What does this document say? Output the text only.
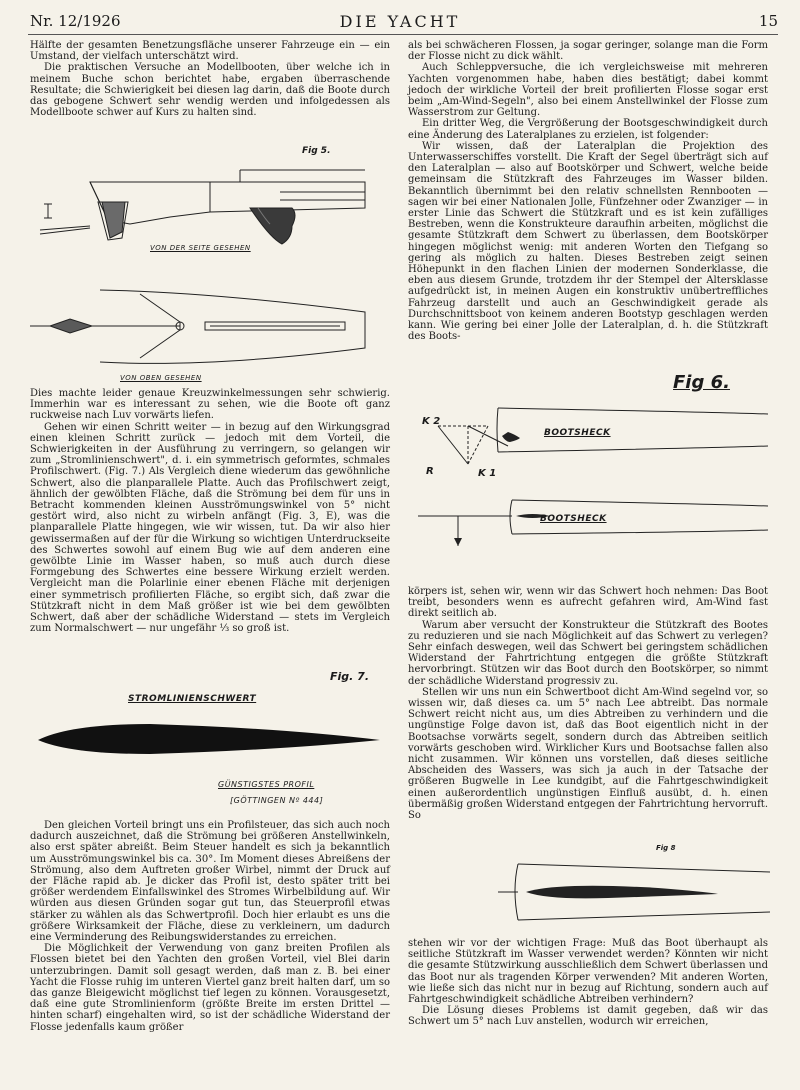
Nr. 12/1926	DIE YACHT	15

Hälfte der gesamten Benetzungsfläche unserer Fahrzeuge ein — ein Umstand, der vielfach unterschätzt wird.

Die praktischen Versuche an Modellbooten, über welche ich in meinem Buche schon berichtet habe, ergaben überraschende Resultate; die Schwierigkeit bei diesen lag darin, daß die Boote durch das gebogene Schwert sehr wendig werden und infolgedessen als Modellboote schwer auf Kurs zu halten sind.

Fig 5.
VON DER SEITE GESEHEN
VON OBEN GESEHEN

Dies machte leider genaue Kreuzwinkelmessungen sehr schwierig. Immerhin war es interessant zu sehen, wie die Boote oft ganz ruckweise nach Luv vorwärts liefen.

Gehen wir einen Schritt weiter — in bezug auf den Wirkungsgrad einen kleinen Schritt zurück — jedoch mit dem Vorteil, die Schwierigkeiten in der Ausführung zu verringern, so gelangen wir zum „Stromlinienschwert", d. i. ein symmetrisch geformtes, schmales Profilschwert. (Fig. 7.) Als Vergleich diene wiederum das gewöhnliche Schwert, also die planparallele Platte. Auch das Profilschwert zeigt, ähnlich der gewölbten Fläche, daß die Strömung bei dem für uns in Betracht kommenden kleinen Ausströmungswinkel von 5° nicht gestört wird, also nicht zu wirbeln anfängt (Fig. 3, E), was die planparallele Platte hingegen, wie wir wissen, tut. Da wir also hier gewissermaßen auf der für die Wirkung so wichtigen Unterdruckseite des Schwertes sowohl auf einem Bug wie auf dem anderen eine gewölbte Linie im Wasser haben, so muß auch durch diese Formgebung des Schwertes eine bessere Wirkung erzielt werden. Vergleicht man die Polarlinie einer ebenen Fläche mit derjenigen einer symmetrisch profilierten Fläche, so ergibt sich, daß zwar die Stützkraft nicht in dem Maß größer ist wie bei dem gewölbten Schwert, daß aber der schädliche Widerstand — stets im Vergleich zum Normalschwert — nur ungefähr ⅓ so groß ist.

Fig. 7.
STROMLINIENSCHWERT
GÜNSTIGSTES PROFIL
[GÖTTINGEN Nº 444]

Den gleichen Vorteil bringt uns ein Profilsteuer, das sich auch noch dadurch auszeichnet, daß die Strömung bei größeren Anstellwinkeln, also erst später abreißt. Beim Steuer handelt es sich ja bekanntlich um Ausströmungswinkel bis ca. 30°. Im Moment dieses Abreißens der Strömung, also dem Auftreten großer Wirbel, nimmt der Druck auf der Fläche rapid ab. Je dicker das Profil ist, desto später tritt bei größer werdendem Einfallswinkel des Stromes Wirbelbildung auf. Wir würden aus diesen Gründen sogar gut tun, das Steuerprofil etwas stärker zu wählen als das Schwertprofil. Doch hier erlaubt es uns die größere Wirksamkeit der Fläche, diese zu verkleinern, um dadurch eine Verminderung des Reibungswiderstandes zu erreichen.

Die Möglichkeit der Verwendung von ganz breiten Profilen als Flossen bietet bei den Yachten den großen Vorteil, viel Blei darin unterzubringen. Damit soll gesagt werden, daß man z. B. bei einer Yacht die Flosse ruhig im unteren Viertel ganz breit halten darf, um so das ganze Bleigewicht möglichst tief legen zu können. Vorausgesetzt, daß eine gute Stromlinienform (größte Breite im ersten Drittel — hinten scharf) eingehalten wird, so ist der schädliche Widerstand der Flosse jedenfalls kaum größer

als bei schwächeren Flossen, ja sogar geringer, solange man die Form der Flosse nicht zu dick wählt.

Auch Schleppversuche, die ich vergleichsweise mit mehreren Yachten vorgenommen habe, haben dies bestätigt; dabei kommt jedoch der wirkliche Vorteil der breit profilierten Flosse sogar erst beim „Am-Wind-Segeln", also bei einem Anstellwinkel der Flosse zum Wasserstrom zur Geltung.

Ein dritter Weg, die Vergrößerung der Bootsgeschwindigkeit durch eine Änderung des Lateralplanes zu erzielen, ist folgender:

Wir wissen, daß der Lateralplan die Projektion des Unterwasserschiffes vorstellt. Die Kraft der Segel überträgt sich auf den Lateralplan — also auf Bootskörper und Schwert, welche beide gemeinsam die Stützkraft des Fahrzeuges im Wasser bilden. Bekanntlich übernimmt bei den relativ schnellsten Rennbooten — sagen wir bei einer Nationalen Jolle, Fünfzehner oder Zwanziger — in erster Linie das Schwert die Stützkraft und es ist kein zufälliges Bestreben, wenn die Konstrukteure daraufhin arbeiten, möglichst die gesamte Stützkraft dem Schwert zu überlassen, dem Bootskörper hingegen möglichst wenig: mit anderen Worten den Tiefgang so gering als möglich zu halten. Dieses Bestreben zeigt seinen Höhepunkt in den flachen Linien der modernen Sonderklasse, die eben aus diesem Grunde, trotzdem ihr der Stempel der Altersklasse aufgedrückt ist, in meinen Augen ein konstruktiv unübertreffliches Fahrzeug darstellt und auch an Geschwindigkeit gerade als Durchschnittsboot von keinem anderen Bootstyp geschlagen werden kann. Wie gering bei einer Jolle der Lateralplan, d. h. die Stützkraft des Boots-

Fig 6.
K 2
R	K 1
BOOTSHECK
BOOTSHECK

körpers ist, sehen wir, wenn wir das Schwert hoch nehmen: Das Boot treibt, besonders wenn es aufrecht gefahren wird, Am-Wind fast direkt seitlich ab.

Warum aber versucht der Konstrukteur die Stützkraft des Bootes zu reduzieren und sie nach Möglichkeit auf das Schwert zu verlegen? Sehr einfach deswegen, weil das Schwert bei geringstem schädlichen Widerstand der Fahrtrichtung entgegen die größte Stützkraft hervorbringt. Stützen wir das Boot durch den Bootskörper, so nimmt der schädliche Widerstand progressiv zu.

Stellen wir uns nun ein Schwertboot dicht Am-Wind segelnd vor, so wissen wir, daß dieses ca. um 5° nach Lee abtreibt. Das normale Schwert reicht nicht aus, um dies Abtreiben zu verhindern und die ungünstige Folge davon ist, daß das Boot eigentlich nicht in der Bootsachse vorwärts segelt, sondern durch das Abtreiben seitlich vorwärts geschoben wird. Wirklicher Kurs und Bootsachse fallen also nicht zusammen. Wir können uns vorstellen, daß dieses seitliche Abscheiden des Wassers, was sich ja auch in der Tatsache der größeren Bugwelle in Lee kundgibt, auf die Fahrtgeschwindigkeit einen außerordentlich ungünstigen Einfluß ausübt, d. h. einen übermäßig großen Widerstand entgegen der Fahrtrichtung hervorruft. So

Fig 8

stehen wir vor der wichtigen Frage: Muß das Boot überhaupt als seitliche Stützkraft im Wasser verwendet werden? Könnten wir nicht die gesamte Stützwirkung ausschließlich dem Schwert überlassen und das Boot nur als tragenden Körper verwenden? Mit anderen Worten, wie ließe sich das nicht nur in bezug auf Richtung, sondern auch auf Fahrtgeschwindigkeit schädliche Abtreiben verhindern?

Die Lösung dieses Problems ist damit gegeben, daß wir das Schwert um 5° nach Luv anstellen, wodurch wir erreichen,
